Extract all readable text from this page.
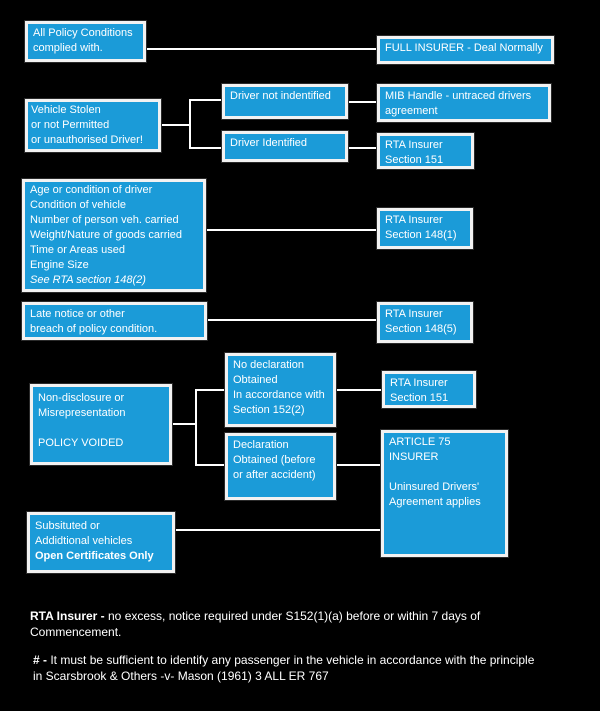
All Policy Conditions
complied with.	FULL INSURER - Deal Normally
Vehicle Stolen
or not Permitted
or unauthorised Driver!
Driver not indentified	MIB Handle - untraced drivers
agreement
Driver Identified	RTA Insurer
Section 151
Age or condition of driver
Condition of vehicle
Number of person veh. carried
Weight/Nature of goods carried
Time or Areas used
Engine Size
See RTA section 148(2)
RTA Insurer
Section 148(1)
Late notice or other
breach of policy condition.
RTA Insurer
Section 148(5)
Non-disclosure or
Misrepresentation
POLICY VOIDED
No declaration
Obtained
In accordance with
Section 152(2)
RTA Insurer
Section 151
Declaration
Obtained (before
or after accident)
ARTICLE 75
INSURER
Uninsured Drivers'
Agreement applies
Subsituted or
Addidtional vehicles
Open Certificates Only
RTA Insurer - no excess, notice required under S152(1)(a) before or within 7 days of
Commencement.
# - It must be sufficient to identify any passenger in the vehicle in accordance with the principle
in Scarsbrook & Others -v- Mason (1961) 3 ALL ER 767
